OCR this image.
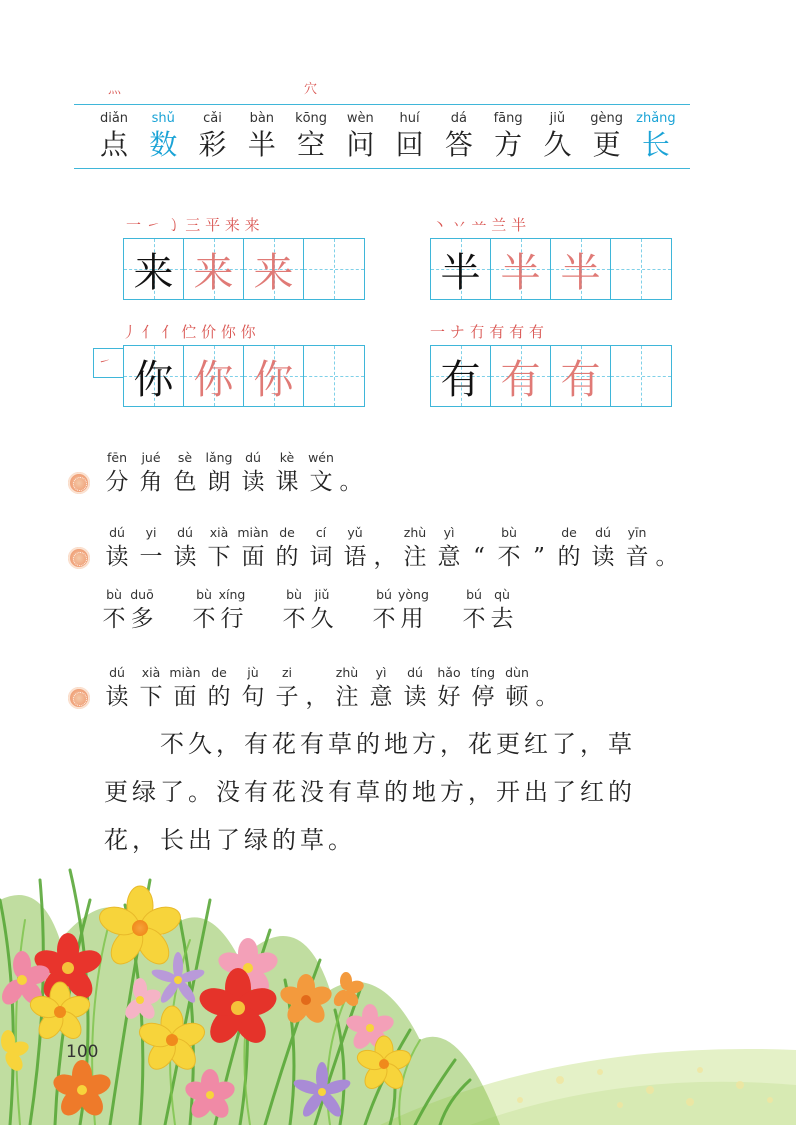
灬	穴
diǎn
点
shǔ
数
cǎi
彩
bàn
半
kōng
空
wèn
问
huí
回
dá
答
fāng
方
jiǔ
久
gèng
更
zhǎng
长
一 ㇀ ㇁ 三 平 来 来
来 来 来
丶 丷 䒑 兰 半
半 半 半
丿 亻 亻 伫 价 你 你
㇀ 你 你 你
一 ナ 冇 有 有 有
有 有 有
fēn
分
jué
角
sè
色
lǎng
朗
dú
读
kè
课
wén
文 。
dú
读
yi
一
dú
读
xià
下
miàn
面
de
的
cí
词
yǔ
语 ，
zhù
注
yì
意 “
bù
不 ”
de
的
dú
读
yīn
音 。
bù
不
duō
多
bù
不
xíng
行
bù
不
jiǔ
久
bú
不
yòng
用
bú
不
qù
去
dú
读
xià
下
miàn
面
de
的
jù
句
zi
子 ，
zhù
注
yì
意
dú
读
hǎo
好
tíng
停
dùn
顿 。
　　不久，有花有草的地方，花更红了，草
更绿了。没有花没有草的地方，开出了红的
花，长出了绿的草。
100
